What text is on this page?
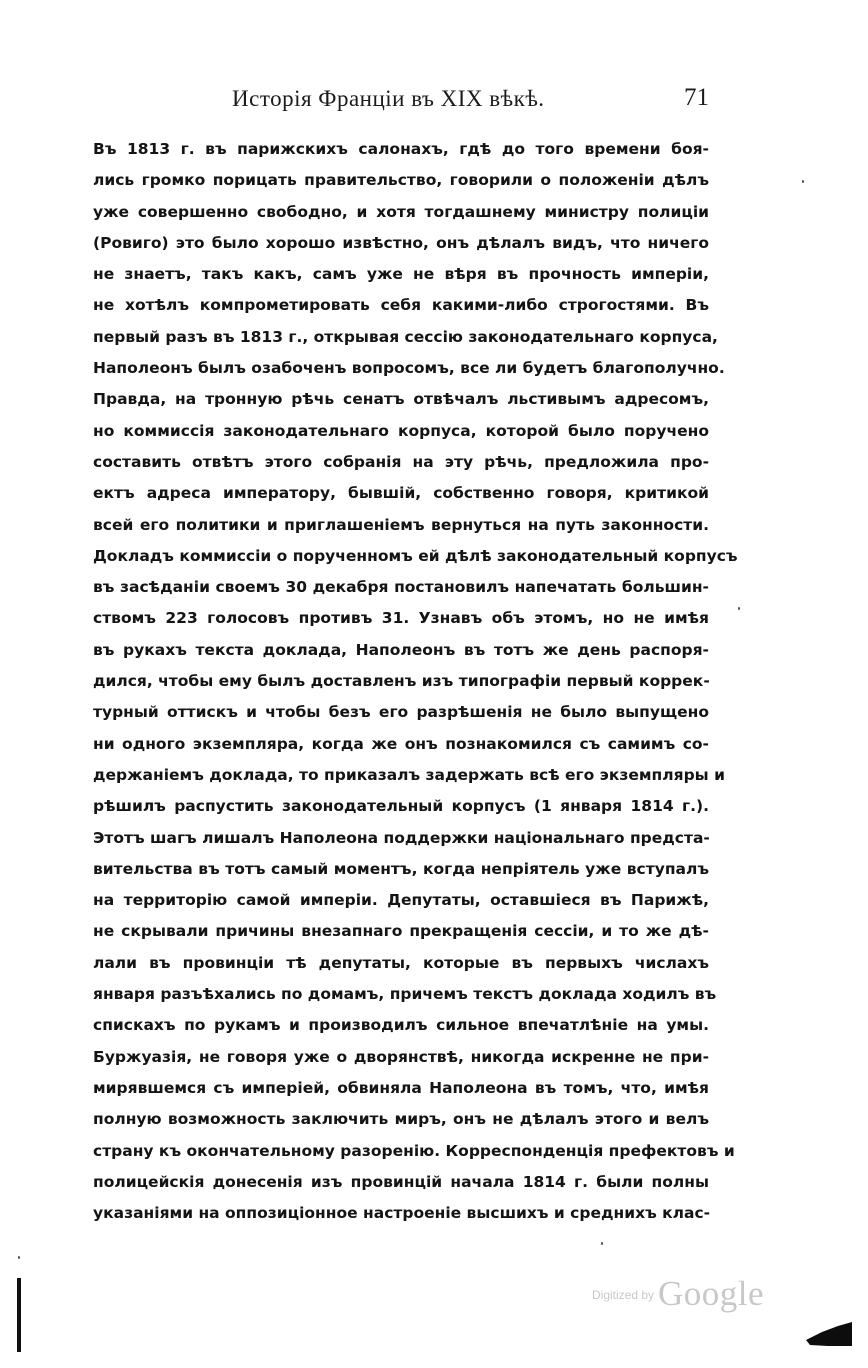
Исторія Франціи въ XIX вѣкѣ.	71
Въ 1813 г. въ парижскихъ салонахъ, гдѣ до того времени боя-
лись громко порицать правительство, говорили о положеніи дѣлъ
уже совершенно свободно, и хотя тогдашнему министру полиціи
(Ровиго) это было хорошо извѣстно, онъ дѣлалъ видъ, что ничего
не знаетъ, такъ какъ, самъ уже не вѣря въ прочность имперіи,
не хотѣлъ компрометировать себя какими-либо строгостями. Въ
первый разъ въ 1813 г., открывая сессію законодательнаго корпуса,
Наполеонъ былъ озабоченъ вопросомъ, все ли будетъ благополучно.
Правда, на тронную рѣчь сенатъ отвѣчалъ льстивымъ адресомъ,
но коммиссія законодательнаго корпуса, которой было поручено
составить отвѣтъ этого собранія на эту рѣчь, предложила про-
ектъ адреса императору, бывшій, собственно говоря, критикой
всей его политики и приглашеніемъ вернуться на путь законности.
Докладъ коммиссіи о порученномъ ей дѣлѣ законодательный корпусъ
въ засѣданіи своемъ 30 декабря постановилъ напечатать большин-
ствомъ 223 голосовъ противъ 31. Узнавъ объ этомъ, но не имѣя
въ рукахъ текста доклада, Наполеонъ въ тотъ же день распоря-
дился, чтобы ему былъ доставленъ изъ типографіи первый коррек-
турный оттискъ и чтобы безъ его разрѣшенія не было выпущено
ни одного экземпляра, когда же онъ познакомился съ самимъ со-
держаніемъ доклада, то приказалъ задержать всѣ его экземпляры и
рѣшилъ распустить законодательный корпусъ (1 января 1814 г.).
Этотъ шагъ лишалъ Наполеона поддержки національнаго предста-
вительства въ тотъ самый моментъ, когда непріятель уже вступалъ
на территорію самой имперіи. Депутаты, оставшіеся въ Парижѣ,
не скрывали причины внезапнаго прекращенія сессіи, и то же дѣ-
лали въ провинціи тѣ депутаты, которые въ первыхъ числахъ
января разъѣхались по домамъ, причемъ текстъ доклада ходилъ въ
спискахъ по рукамъ и производилъ сильное впечатлѣніе на умы.
Буржуазія, не говоря уже о дворянствѣ, никогда искренне не при-
мирявшемся съ имперіей, обвиняла Наполеона въ томъ, что, имѣя
полную возможность заключить миръ, онъ не дѣлалъ этого и велъ
страну къ окончательному разоренію. Корреспонденція префектовъ и
полицейскія донесенія изъ провинцій начала 1814 г. были полны
указаніями на оппозиціонное настроеніе высшихъ и среднихъ клас-
$^{Digitized by}$ Google
